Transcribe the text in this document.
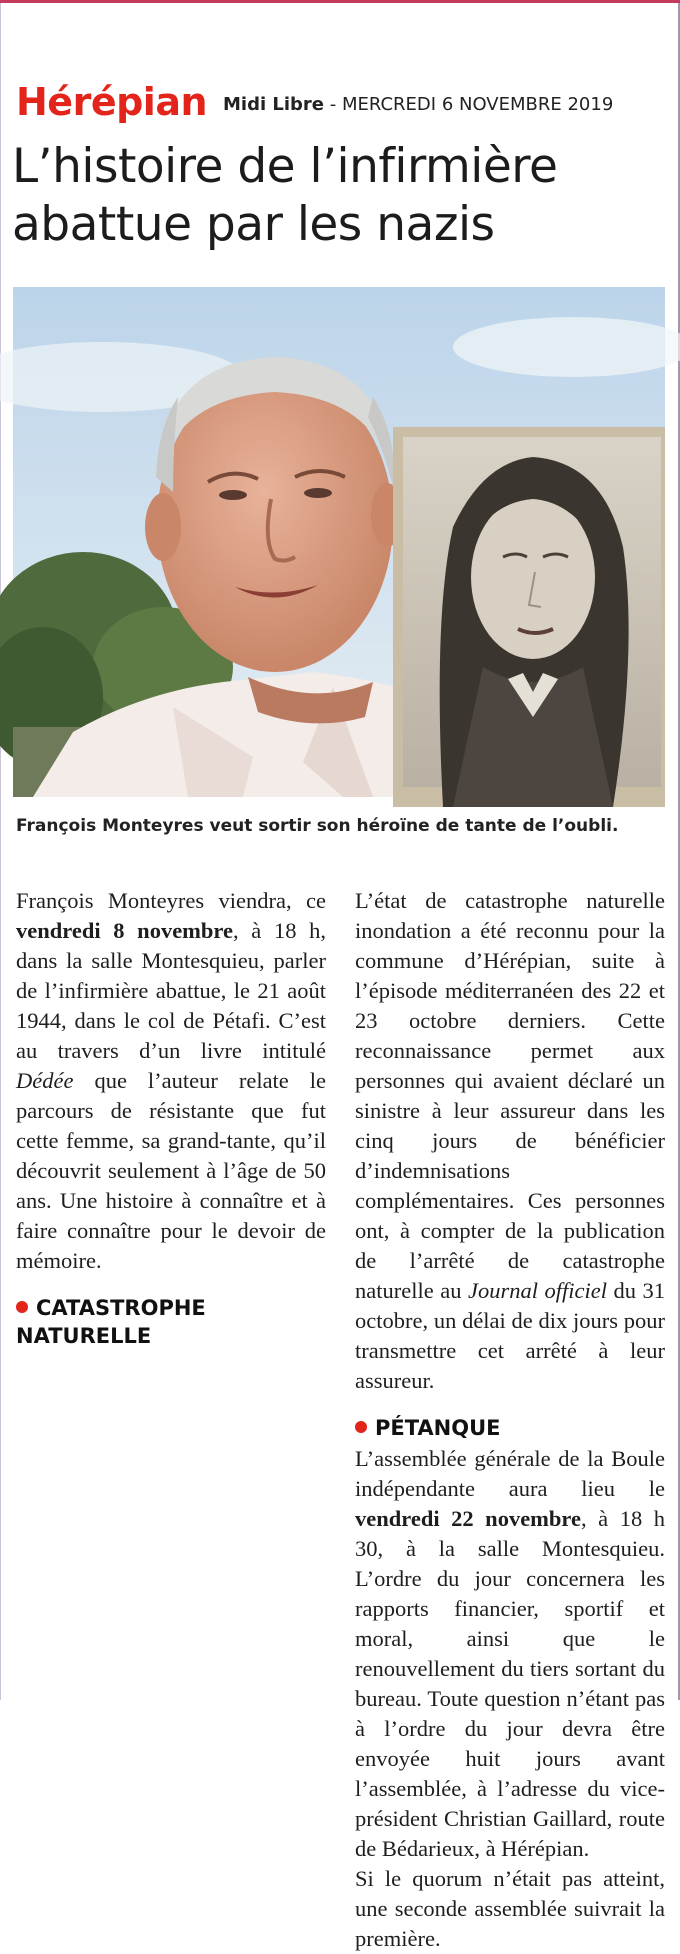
Hérépian Midi Libre - MERCREDI 6 NOVEMBRE 2019
L’histoire de l’infirmière
abattue par les nazis
François Monteyres veut sortir son héroïne de tante de l’oubli.

François Monteyres viendra, ce vendredi 8 novembre, à 18 h, dans la salle Montesquieu, parler de l’infirmière abattue, le 21 août 1944, dans le col de Pétafi. C’est au travers d’un livre intitulé Dédée que l’auteur relate le parcours de résistante que fut cette femme, sa grand-tante, qu’il découvrit seulement à l’âge de 50 ans. Une histoire à connaître et à faire connaître pour le devoir de mémoire.

CATASTROPHE NATURELLE

L’état de catastrophe naturelle inondation a été reconnu pour la commune d’Hérépian, suite à l’épisode méditerranéen des 22 et 23 octobre derniers. Cette reconnaissance permet aux personnes qui avaient déclaré un sinistre à leur assureur dans les cinq jours de bénéficier d’indemnisations complémentaires. Ces personnes ont, à compter de la publication de l’arrêté de catastrophe naturelle au Journal officiel du 31 octobre, un délai de dix jours pour transmettre cet arrêté à leur assureur.

PÉTANQUE

L’assemblée générale de la Boule indépendante aura lieu le vendredi 22 novembre, à 18 h 30, à la salle Montesquieu. L’ordre du jour concernera les rapports financier, sportif et moral, ainsi que le renouvellement du tiers sortant du bureau. Toute question n’étant pas à l’ordre du jour devra être envoyée huit jours avant l’assemblée, à l’adresse du vice-président Christian Gaillard, route de Bédarieux, à Hérépian.

Si le quorum n’était pas atteint, une seconde assemblée suivrait la première.
